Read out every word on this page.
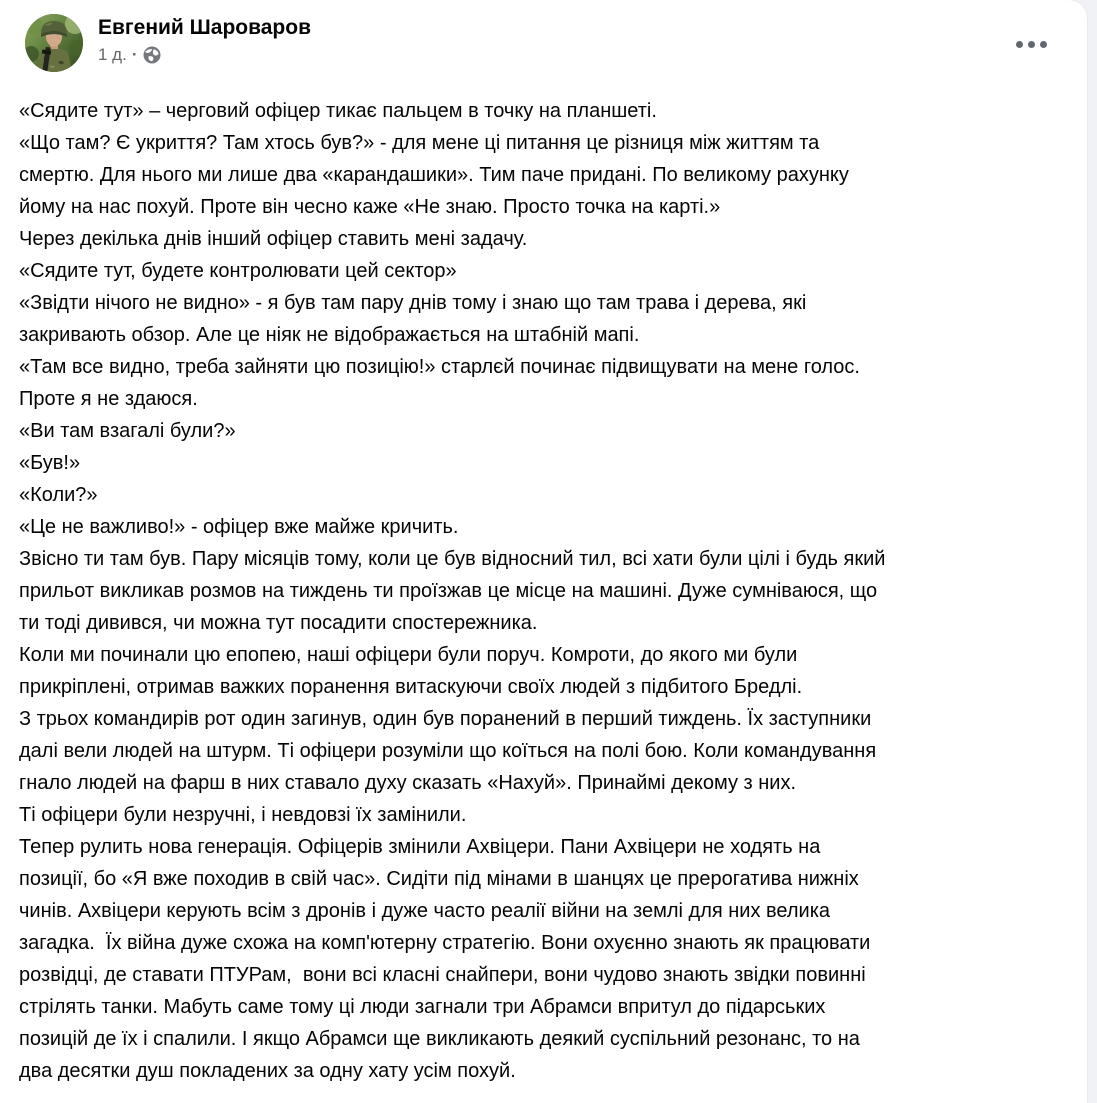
Евгений Шароваров
1 д. ·
«Сядите тут» – черговий офіцер тикає пальцем в точку на планшеті.
«Що там? Є укриття? Там хтось був?» - для мене ці питання це різниця між життям та
смертю. Для нього ми лише два «карандашики». Тим паче придані. По великому рахунку
йому на нас похуй. Проте він чесно каже «Не знаю. Просто точка на карті.»
Через декілька днів інший офіцер ставить мені задачу.
«Сядите тут, будете контролювати цей сектор»
«Звідти нічого не видно» - я був там пару днів тому і знаю що там трава і дерева, які
закривають обзор. Але це ніяк не відображається на штабній мапі.
«Там все видно, треба зайняти цю позицію!» старлєй починає підвищувати на мене голос.
Проте я не здаюся.
«Ви там взагалі були?»
«Був!»
«Коли?»
«Це не важливо!» - офіцер вже майже кричить.
Звісно ти там був. Пару місяців тому, коли це був відносний тил, всі хати були цілі і будь який
прильот викликав розмов на тиждень ти проїзжав це місце на машині. Дуже сумніваюся, що
ти тоді дивився, чи можна тут посадити спостережника.
Коли ми починали цю епопею, наші офіцери були поруч. Комроти, до якого ми були
прикріплені, отримав важких поранення витаскуючи своїх людей з підбитого Бредлі.
З трьох командирів рот один загинув, один був поранений в перший тиждень. Їх заступники
далі вели людей на штурм. Ті офіцери розуміли що коїться на полі бою. Коли командування
гнало людей на фарш в них ставало духу сказать «Нахуй». Принаймі декому з них.
Ті офіцери були незручні, і невдовзі їх замінили.
Тепер рулить нова генерація. Офіцерів змінили Ахвіцери. Пани Ахвіцери не ходять на
позиції, бо «Я вже походив в свій час». Сидіти під мінами в шанцях це прерогатива нижніх
чинів. Ахвіцери керують всім з дронів і дуже часто реалії війни на землі для них велика
загадка.  Їх війна дуже схожа на комп'ютерну стратегію. Вони охуєнно знають як працювати
розвідці, де ставати ПТУРам,  вони всі класні снайпери, вони чудово знають звідки повинні
стрілять танки. Мабуть саме тому ці люди загнали три Абрамси впритул до підарських
позицій де їх і спалили. І якщо Абрамси ще викликають деякий суспільний резонанс, то на
два десятки душ покладених за одну хату усім похуй.
